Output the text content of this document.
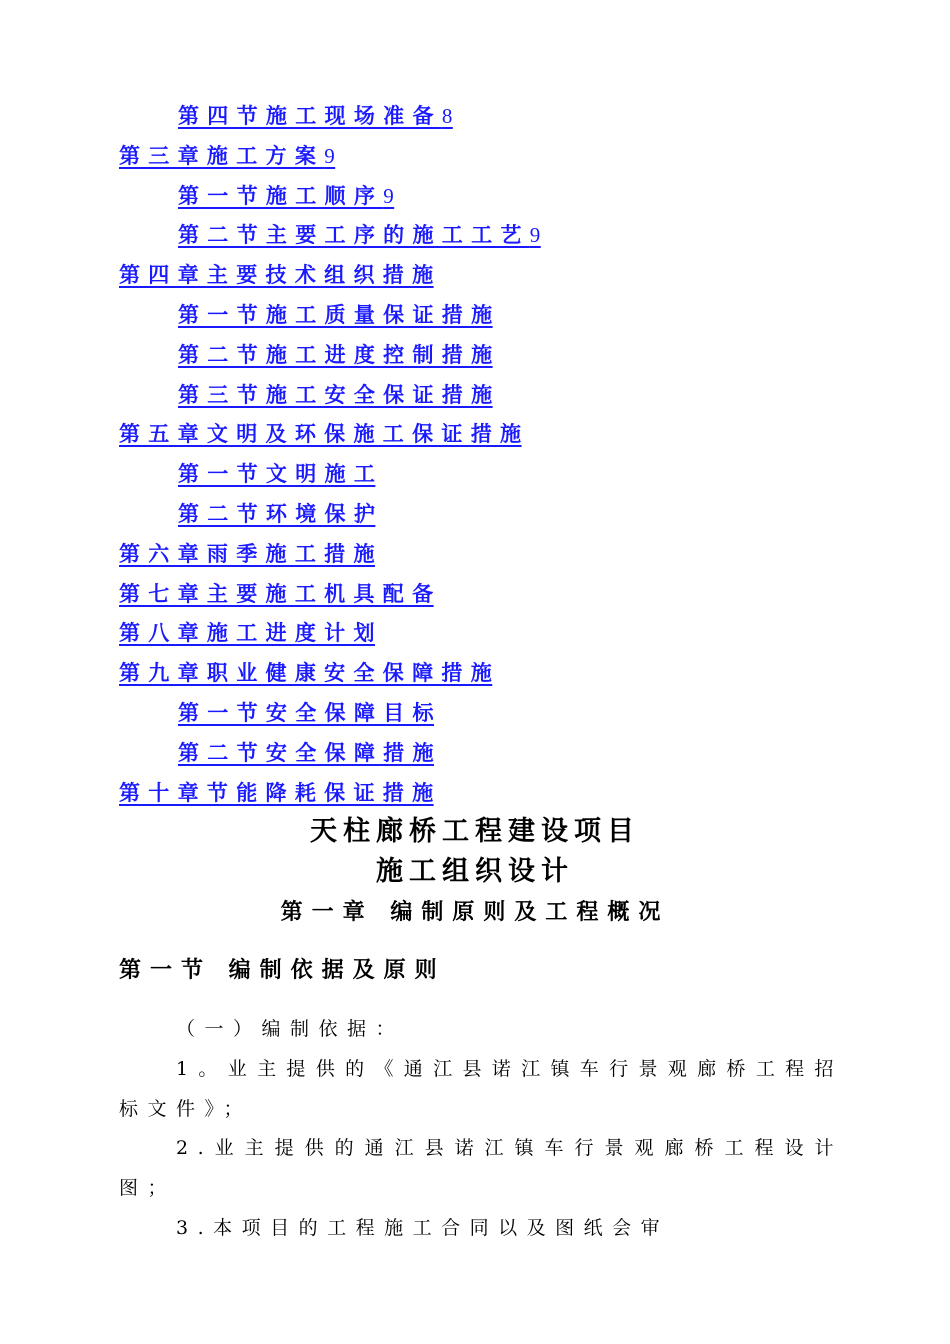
第 四 节 施 工 现 场 准 备 8
第 三 章 施 工 方 案 9
第 一 节 施 工 顺 序 9
第 二 节 主 要 工 序 的 施 工 工 艺 9
第 四 章 主 要 技 术 组 织 措 施
第 一 节 施 工 质 量 保 证 措 施
第 二 节 施 工 进 度 控 制 措 施
第 三 节 施 工 安 全 保 证 措 施
第 五 章 文 明 及 环 保 施 工 保 证 措 施
第 一 节 文 明 施 工
第 二 节 环 境 保 护
第 六 章 雨 季 施 工 措 施
第 七 章 主 要 施 工 机 具 配 备
第 八 章 施 工 进 度 计 划
第 九 章 职 业 健 康 安 全 保 障 措 施
第 一 节 安 全 保 障 目 标
第 二 节 安 全 保 障 措 施
第 十 章 节 能 降 耗 保 证 措 施
天柱廊桥工程建设项目
施工组织设计
第一章 编制原则及工程概况
第一节 编制依据及原则

（一）编制依据：

1。业主提供的《通江县诺江镇车行景观廊桥工程招标文件》；

2.业主提供的通江县诺江镇车行景观廊桥工程设计图；

3.本项目的工程施工合同以及图纸会审
